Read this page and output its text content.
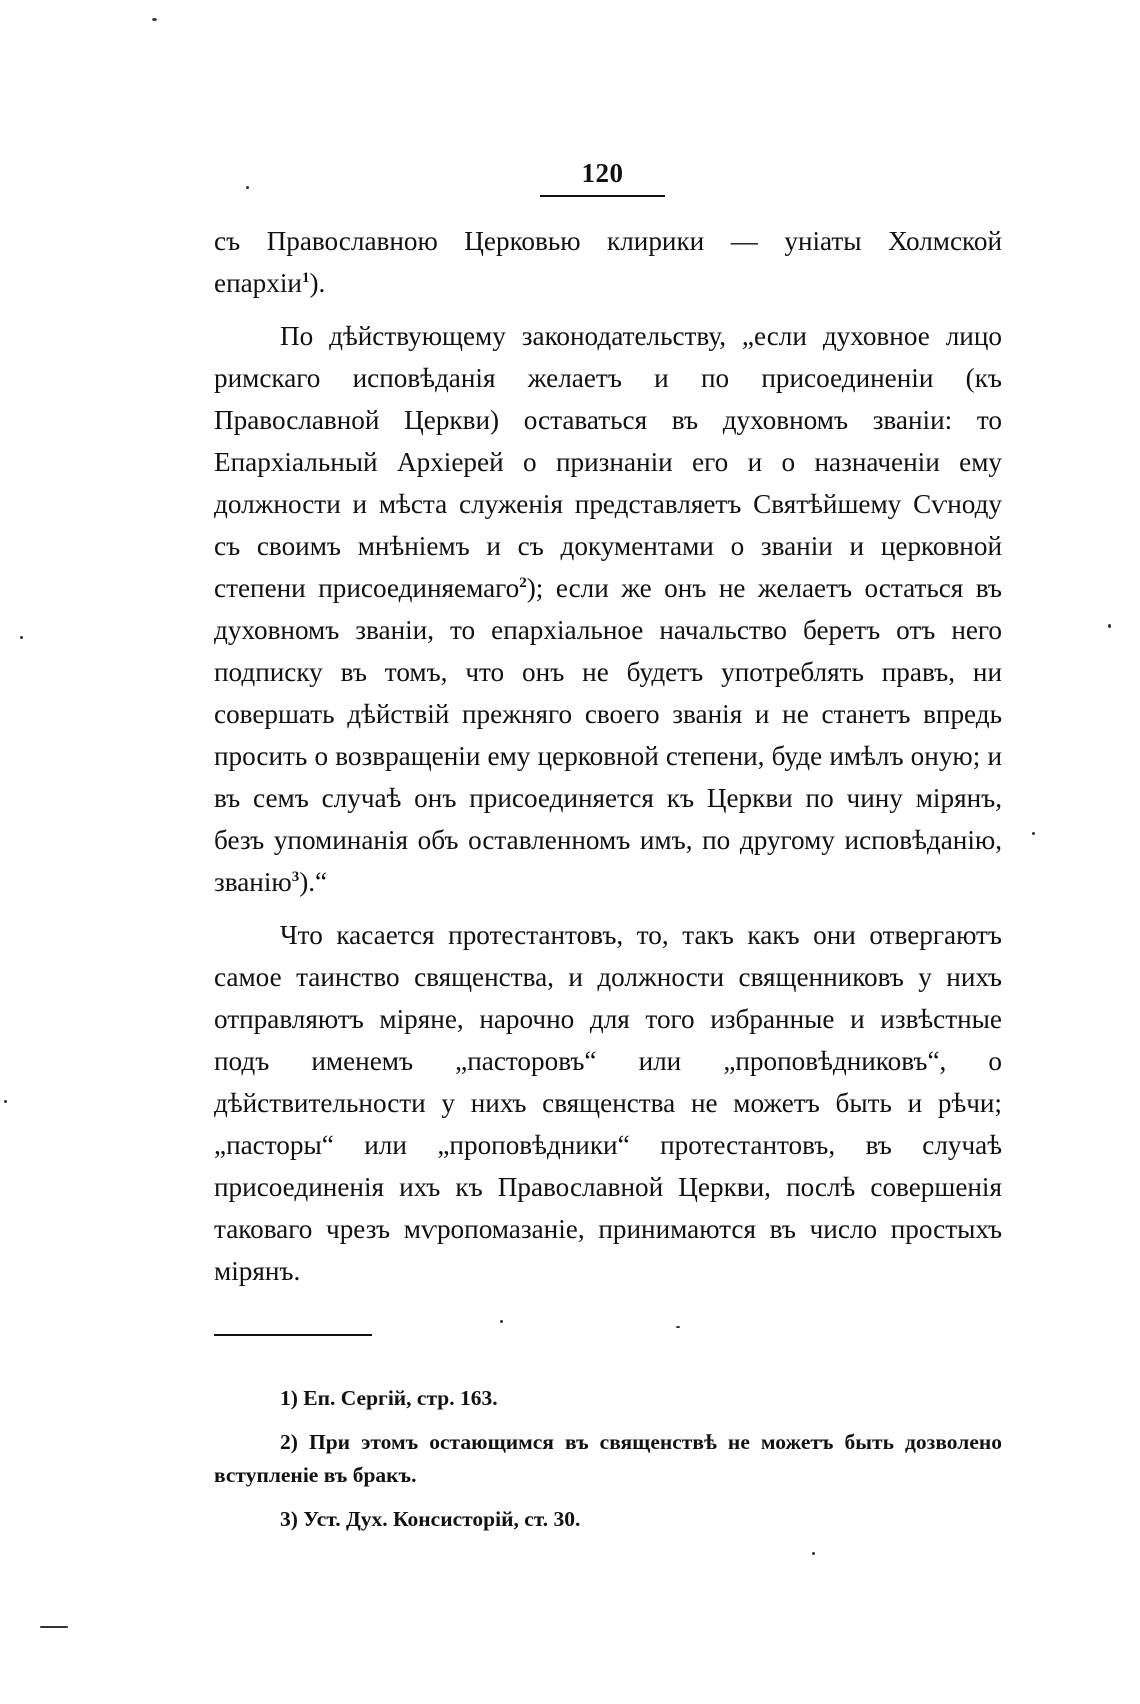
120

съ Православною Церковью клирики — уніаты Холмской епархіи$^1$).

По дѣйствующему законодательству, „если духовное лицо римскаго исповѣданія желаетъ и по присоединеніи (къ Православной Церкви) оставаться въ духовномъ званіи: то Епархіальный Архіерей о признаніи его и о назначеніи ему должности и мѣста служенія представляетъ Святѣйшему Сѵноду съ своимъ мнѣніемъ и съ документами о званіи и церковной степени присоединяемаго$^2$); если же онъ не желаетъ остаться въ духовномъ званіи, то епархіальное начальство беретъ отъ него подписку въ томъ, что онъ не будетъ употреблять правъ, ни совершать дѣйствій прежняго своего званія и не станетъ впредь просить о возвращеніи ему церковной степени, буде имѣлъ оную; и въ семъ случаѣ онъ присоединяется къ Церкви по чину мірянъ, безъ упоминанія объ оставленномъ имъ, по другому исповѣданію, званію$^3$).“

Что касается протестантовъ, то, такъ какъ они отвергаютъ самое таинство священства, и должности священниковъ у нихъ отправляютъ міряне, нарочно для того избранные и извѣстные подъ именемъ „пасторовъ“ или „проповѣдниковъ“, о дѣйствительности у нихъ священства не можетъ быть и рѣчи; „пасторы“ или „проповѣдники“ протестантовъ, въ случаѣ присоединенія ихъ къ Православной Церкви, послѣ совершенія таковаго чрезъ мѵропомазаніе, принимаются въ число простыхъ мірянъ.

1) Еп. Сергій, стр. 163.

2) При этомъ остающимся въ священствѣ не можетъ быть дозволено вступленіе въ бракъ.

3) Уст. Дух. Консисторій, ст. 30.
